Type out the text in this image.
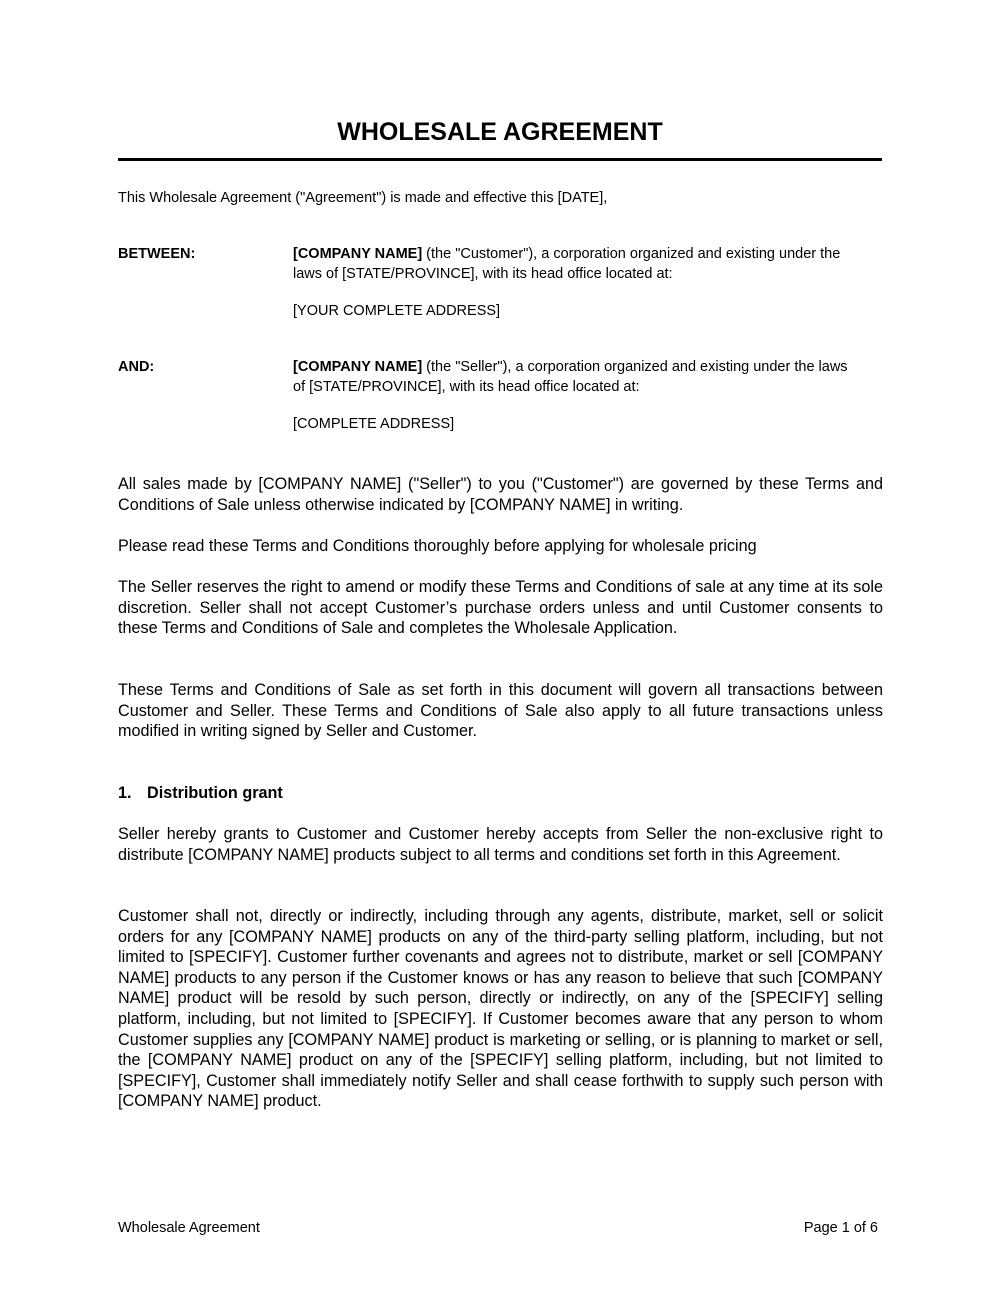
WHOLESALE AGREEMENT

This Wholesale Agreement ("Agreement") is made and effective this [DATE],

BETWEEN:	[COMPANY NAME] (the "Customer"), a corporation organized and existing under the laws of [STATE/PROVINCE], with its head office located at:

[YOUR COMPLETE ADDRESS]

AND:	[COMPANY NAME] (the "Seller"), a corporation organized and existing under the laws of [STATE/PROVINCE], with its head office located at:

[COMPLETE ADDRESS]

All sales made by [COMPANY NAME] ("Seller") to you ("Customer") are governed by these Terms and Conditions of Sale unless otherwise indicated by [COMPANY NAME] in writing.

Please read these Terms and Conditions thoroughly before applying for wholesale pricing

The Seller reserves the right to amend or modify these Terms and Conditions of sale at any time at its sole discretion. Seller shall not accept Customer’s purchase orders unless and until Customer consents to these Terms and Conditions of Sale and completes the Wholesale Application.

These Terms and Conditions of Sale as set forth in this document will govern all transactions between Customer and Seller. These Terms and Conditions of Sale also apply to all future transactions unless modified in writing signed by Seller and Customer.

1. Distribution grant

Seller hereby grants to Customer and Customer hereby accepts from Seller the non-exclusive right to distribute [COMPANY NAME] products subject to all terms and conditions set forth in this Agreement.

Customer shall not, directly or indirectly, including through any agents, distribute, market, sell or solicit orders for any [COMPANY NAME] products on any of the third-party selling platform, including, but not limited to [SPECIFY]. Customer further covenants and agrees not to distribute, market or sell [COMPANY NAME] products to any person if the Customer knows or has any reason to believe that such [COMPANY NAME] product will be resold by such person, directly or indirectly, on any of the [SPECIFY] selling platform, including, but not limited to [SPECIFY]. If Customer becomes aware that any person to whom Customer supplies any [COMPANY NAME] product is marketing or selling, or is planning to market or sell, the [COMPANY NAME] product on any of the [SPECIFY] selling platform, including, but not limited to [SPECIFY], Customer shall immediately notify Seller and shall cease forthwith to supply such person with [COMPANY NAME] product.

Wholesale Agreement	Page 1 of 6
